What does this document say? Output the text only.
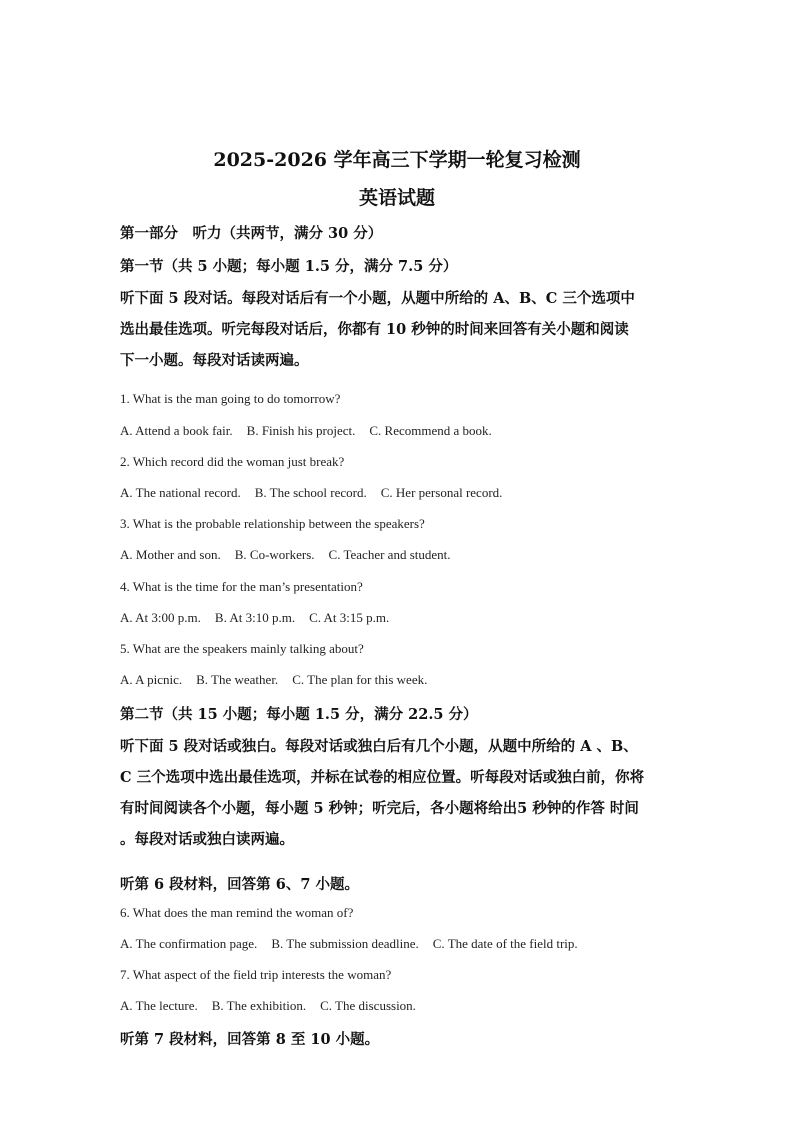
2025-2026 学年高三下学期一轮复习检测
英语试题
第一部分　听力（共两节，满分 30 分）
第一节（共 5 小题；每小题 1.5 分，满分 7.5 分）
听下面 5 段对话。每段对话后有一个小题，从题中所给的 A、B、C 三个选项中
选出最佳选项。听完每段对话后，你都有 10 秒钟的时间来回答有关小题和阅读
下一小题。每段对话读两遍。
1. What is the man going to do tomorrow?
A. Attend a book fair. B. Finish his project. C. Recommend a book.
2. Which record did the woman just break?
A. The national record. B. The school record. C. Her personal record.
3. What is the probable relationship between the speakers?
A. Mother and son. B. Co-workers. C. Teacher and student.
4. What is the time for the man’s presentation?
A. At 3:00 p.m. B. At 3:10 p.m. C. At 3:15 p.m.
5. What are the speakers mainly talking about?
A. A picnic. B. The weather. C. The plan for this week.
第二节（共 15 小题；每小题 1.5 分，满分 22.5 分）
听下面 5 段对话或独白。每段对话或独白后有几个小题，从题中所给的 A 、B、
C 三个选项中选出最佳选项，并标在试卷的相应位置。听每段对话或独白前，你将
有时间阅读各个小题，每小题 5 秒钟；听完后，各小题将给出5 秒钟的作答 时间
。每段对话或独白读两遍。
听第 6 段材料，回答第 6、7 小题。
6. What does the man remind the woman of?
A. The confirmation page. B. The submission deadline. C. The date of the field trip.
7. What aspect of the field trip interests the woman?
A. The lecture. B. The exhibition. C. The discussion.
听第 7 段材料，回答第 8 至 10 小题。
